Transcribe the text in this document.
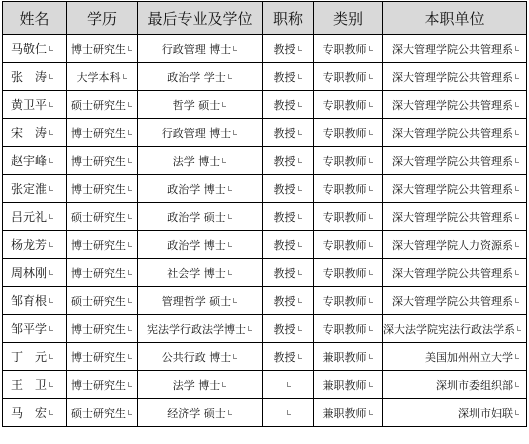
姓名	学历	最后专业及学位	职称	类别	本职单位
马敬仁	博士研究生	行政管理 博士	教授	专职教师	深大管理学院公共管理系
张　涛	大学本科	政治学 学士	教授	专职教师	深大管理学院公共管理系
黄卫平	硕士研究生	哲学 硕士	教授	专职教师	深大管理学院公共管理系
宋　涛	博士研究生	行政管理 博士	教授	专职教师	深大管理学院公共管理系
赵宇峰	博士研究生	法学 博士	教授	专职教师	深大管理学院公共管理系
张定淮	博士研究生	政治学 博士	教授	专职教师	深大管理学院公共管理系
吕元礼	硕士研究生	政治学 硕士	教授	专职教师	深大管理学院公共管理系
杨龙芳	博士研究生	政治学 博士	教授	专职教师	深大管理学院人力资源系
周林刚	博士研究生	社会学 博士	教授	专职教师	深大管理学院公共管理系
邹育根	硕士研究生	管理哲学 硕士	教授	专职教师	深大管理学院公共管理系
邹平学	博士研究生	宪法学行政法学博士	教授	专职教师	深大法学院宪法行政法学系
丁　元	博士研究生	公共行政 博士	教授	兼职教师	美国加州州立大学
王　卫	博士研究生	法学 博士		兼职教师	深圳市委组织部
马　宏	硕士研究生	经济学 硕士		兼职教师	深圳市妇联
